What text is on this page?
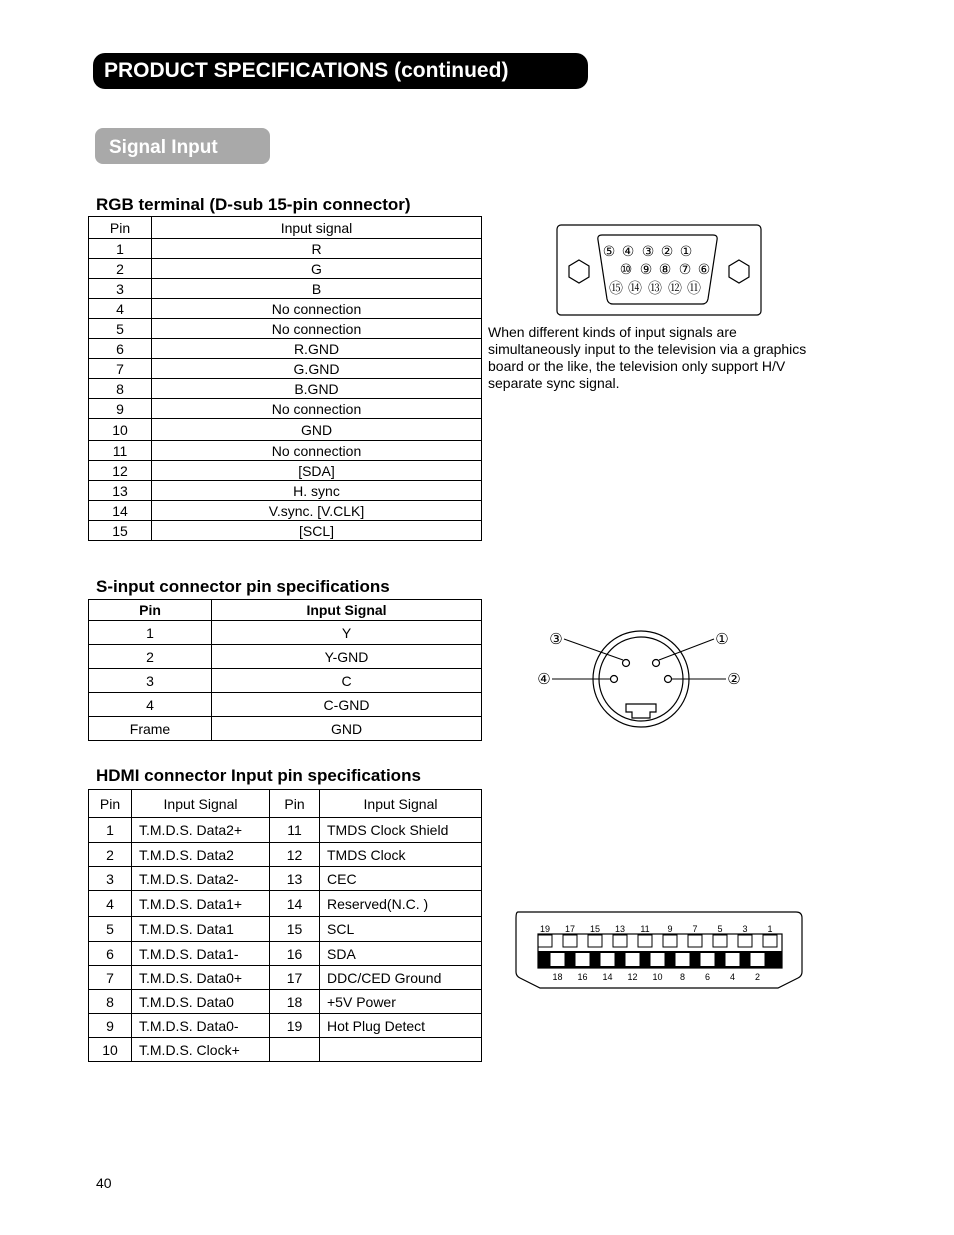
PRODUCT SPECIFICATIONS (continued)
Signal Input
RGB terminal (D-sub 15-pin connector)
Pin	Input signal
1	R
2	G
3	B
4	No connection
5	No connection
6	R.GND
7	G.GND
8	B.GND
9	No connection
10	GND
11	No connection
12	[SDA]
13	H. sync
14	V.sync. [V.CLK]
15	[SCL]
⑤ ④ ③ ② ①
⑩ ⑨ ⑧ ⑦ ⑥
⑮ ⑭ ⑬ ⑫ ⑪
When different kinds of input signals are simultaneously input to the television via a graphics board or the like, the television only support H/V separate sync signal.
S-input connector pin specifications
Pin	Input Signal
1	Y
2	Y-GND
3	C
4	C-GND
Frame	GND
③	①
④	②
HDMI connector Input pin specifications
Pin	Input Signal	Pin	Input Signal
1	T.M.D.S. Data2+	11	TMDS Clock Shield
2	T.M.D.S. Data2	12	TMDS Clock
3	T.M.D.S. Data2-	13	CEC
4	T.M.D.S. Data1+	14	Reserved(N.C. )
5	T.M.D.S. Data1	15	SCL
6	T.M.D.S. Data1-	16	SDA
7	T.M.D.S. Data0+	17	DDC/CED Ground
8	T.M.D.S. Data0	18	+5V Power
9	T.M.D.S. Data0-	19	Hot Plug Detect
10	T.M.D.S. Clock+		
19 17 15 13 11 9 7 5 3 1
18 16 14 12 10 8 6 4 2
40
